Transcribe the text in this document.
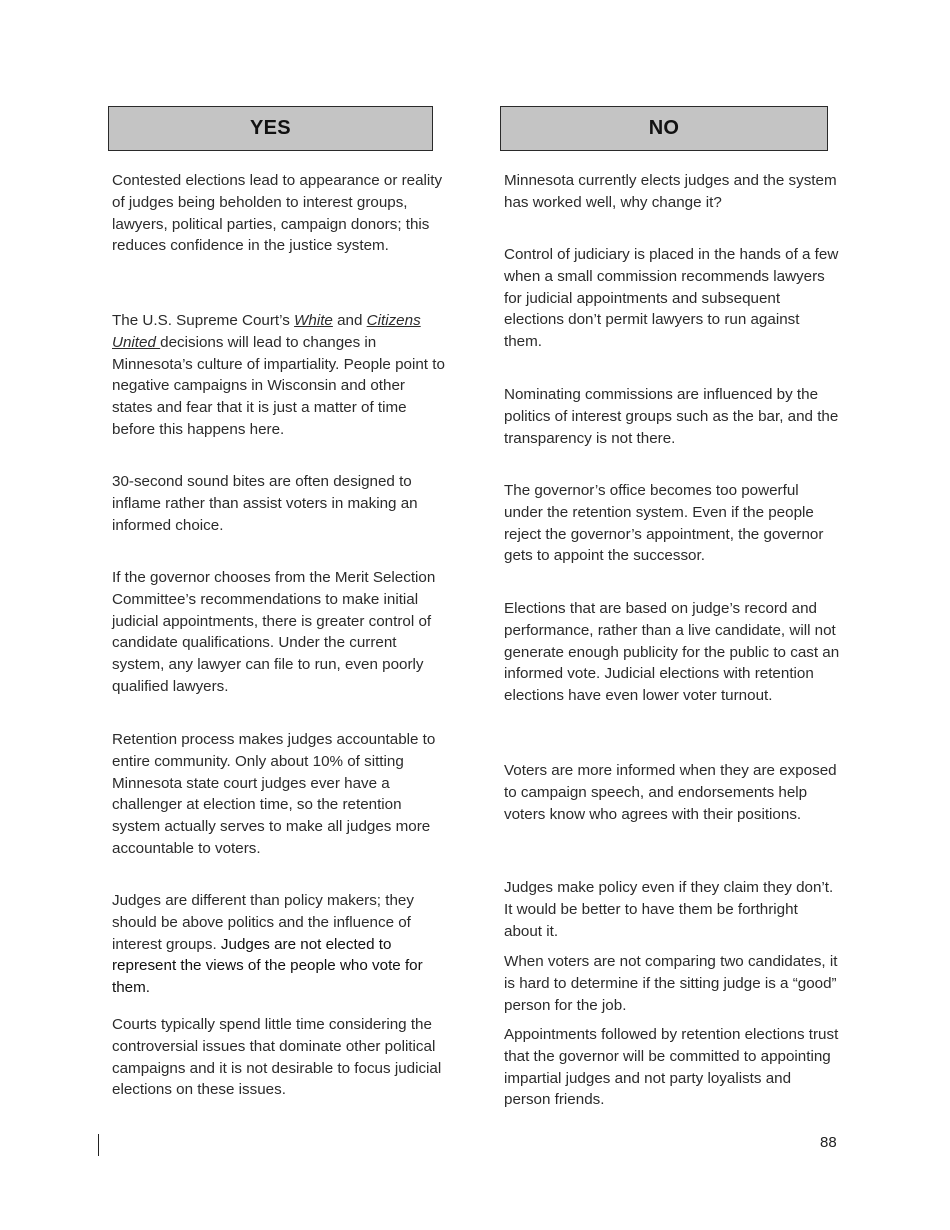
YES

Contested elections lead to appearance or reality of judges being beholden to interest groups, lawyers, political parties, campaign donors; this reduces confidence in the justice system.

The U.S. Supreme Court’s White and Citizens United decisions will lead to changes in Minnesota’s culture of impartiality. People point to negative campaigns in Wisconsin and other states and fear that it is just a matter of time before this happens here.

30-second sound bites are often designed to inflame rather than assist voters in making an informed choice.

If the governor chooses from the Merit Selection Committee’s recommendations to make initial judicial appointments, there is greater control of candidate qualifications. Under the current system, any lawyer can file to run, even poorly qualified lawyers.

Retention process makes judges accountable to entire community. Only about 10% of sitting Minnesota state court judges ever have a challenger at election time, so the retention system actually serves to make all judges more accountable to voters.

Judges are different than policy makers; they should be above politics and the influence of interest groups. Judges are not elected to represent the views of the people who vote for them.

Courts typically spend little time considering the controversial issues that dominate other political campaigns and it is not desirable to focus judicial elections on these issues.

NO

Minnesota currently elects judges and the system has worked well, why change it?

Control of judiciary is placed in the hands of a few when a small commission recommends lawyers for judicial appointments and subsequent elections don’t permit lawyers to run against them.

Nominating commissions are influenced by the politics of interest groups such as the bar, and the transparency is not there.

The governor’s office becomes too powerful under the retention system. Even if the people reject the governor’s appointment, the governor gets to appoint the successor.

Elections that are based on judge’s record and performance, rather than a live candidate, will not generate enough publicity for the public to cast an informed vote. Judicial elections with retention elections have even lower voter turnout.

Voters are more informed when they are exposed to campaign speech, and endorsements help voters know who agrees with their positions.

Judges make policy even if they claim they don’t. It would be better to have them be forthright about it.

When voters are not comparing two candidates, it is hard to determine if the sitting judge is a “good” person for the job.

Appointments followed by retention elections trust that the governor will be committed to appointing impartial judges and not party loyalists and person friends.

88
